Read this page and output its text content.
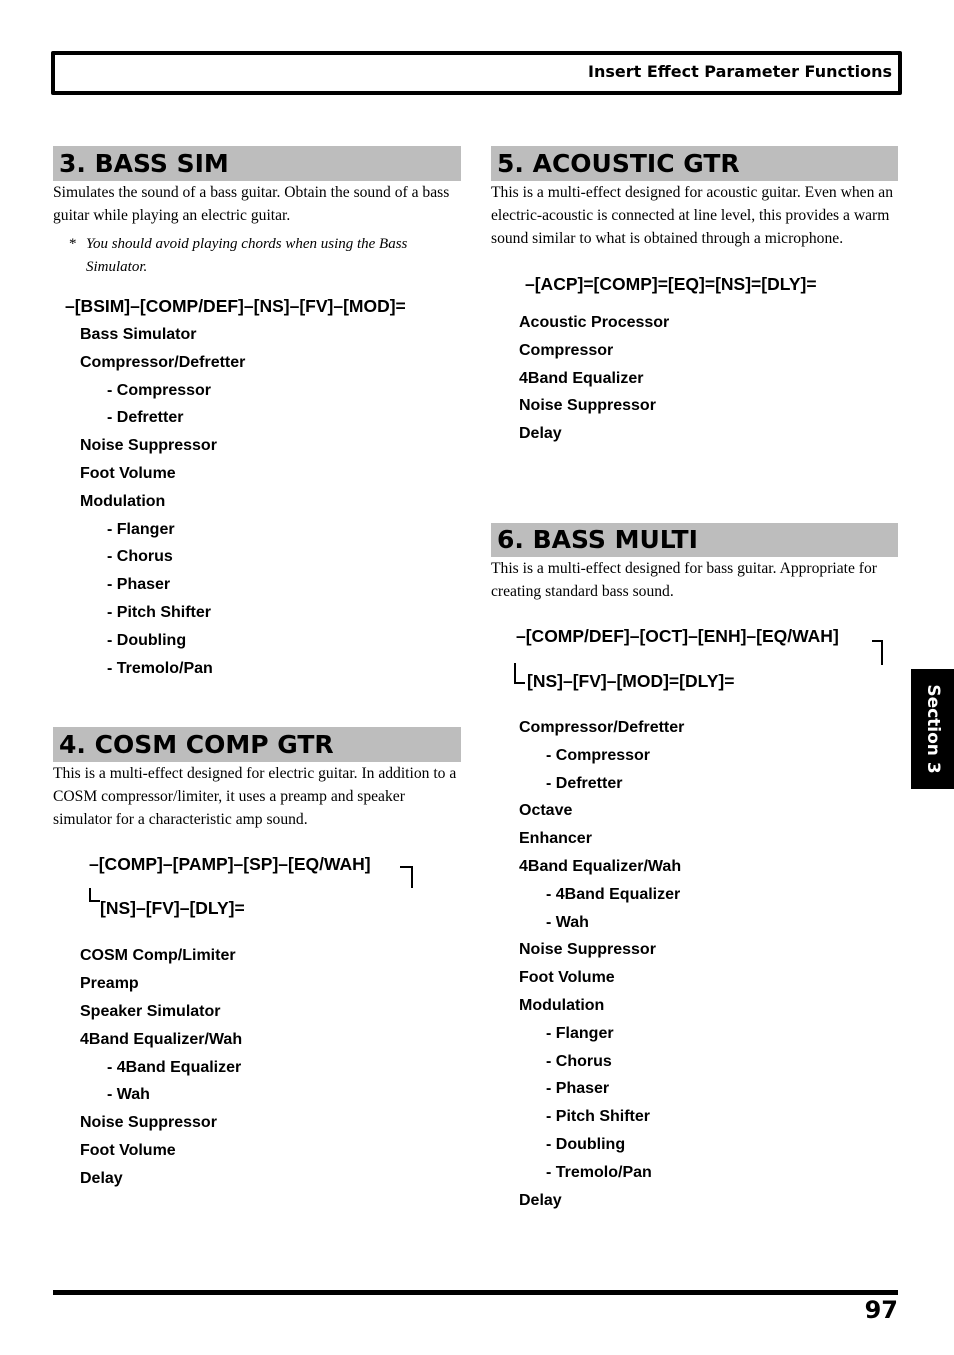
Insert Effect Parameter Functions
3. BASS SIM

Simulates the sound of a bass guitar. Obtain the sound of a bass guitar while playing an electric guitar.

* You should avoid playing chords when using the Bass Simulator.
–[BSIM]–[COMP/DEF]–[NS]–[FV]–[MOD]=
Bass Simulator
Compressor/Defretter
- Compressor
- Defretter
Noise Suppressor
Foot Volume
Modulation
- Flanger
- Chorus
- Phaser
- Pitch Shifter
- Doubling
- Tremolo/Pan
4. COSM COMP GTR

This is a multi-effect designed for electric guitar. In addition to a COSM compressor/limiter, it uses a preamp and speaker simulator for a characteristic amp sound.

–[COMP]–[PAMP]–[SP]–[EQ/WAH]
[NS]–[FV]–[DLY]=
COSM Comp/Limiter
Preamp
Speaker Simulator
4Band Equalizer/Wah
- 4Band Equalizer
- Wah
Noise Suppressor
Foot Volume
Delay
5. ACOUSTIC GTR

This is a multi-effect designed for acoustic guitar. Even when an electric-acoustic is connected at line level, this provides a warm sound similar to what is obtained through a microphone.

–[ACP]=[COMP]=[EQ]=[NS]=[DLY]=
Acoustic Processor
Compressor
4Band Equalizer
Noise Suppressor
Delay
6. BASS MULTI

This is a multi-effect designed for bass guitar. Appropriate for creating standard bass sound.

–[COMP/DEF]–[OCT]–[ENH]–[EQ/WAH]
[NS]–[FV]–[MOD]=[DLY]=
Compressor/Defretter
- Compressor
- Defretter
Octave
Enhancer
4Band Equalizer/Wah
- 4Band Equalizer
- Wah
Noise Suppressor
Foot Volume
Modulation
- Flanger
- Chorus
- Phaser
- Pitch Shifter
- Doubling
- Tremolo/Pan
Delay
Section 3
97
